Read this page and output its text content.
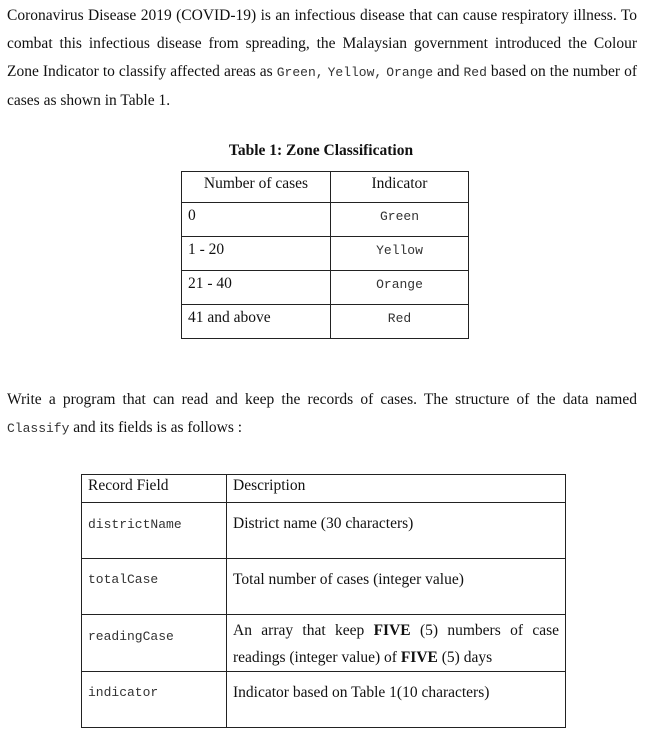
Coronavirus Disease 2019 (COVID-19) is an infectious disease that can cause respiratory illness. To combat this infectious disease from spreading, the Malaysian government introduced the Colour Zone Indicator to classify affected areas as Green, Yellow, Orange and Red based on the number of cases as shown in Table 1.

Table 1: Zone Classification
Number of cases	Indicator
0	Green
1 - 20	Yellow
21 - 40	Orange
41 and above	Red

Write a program that can read and keep the records of cases. The structure of the data named Classify and its fields is as follows :

Record Field	Description
districtName	District name (30 characters)
totalCase	Total number of cases (integer value)
readingCase	An array that keep FIVE (5) numbers of case readings (integer value) of FIVE (5) days
indicator	Indicator based on Table 1(10 characters)
